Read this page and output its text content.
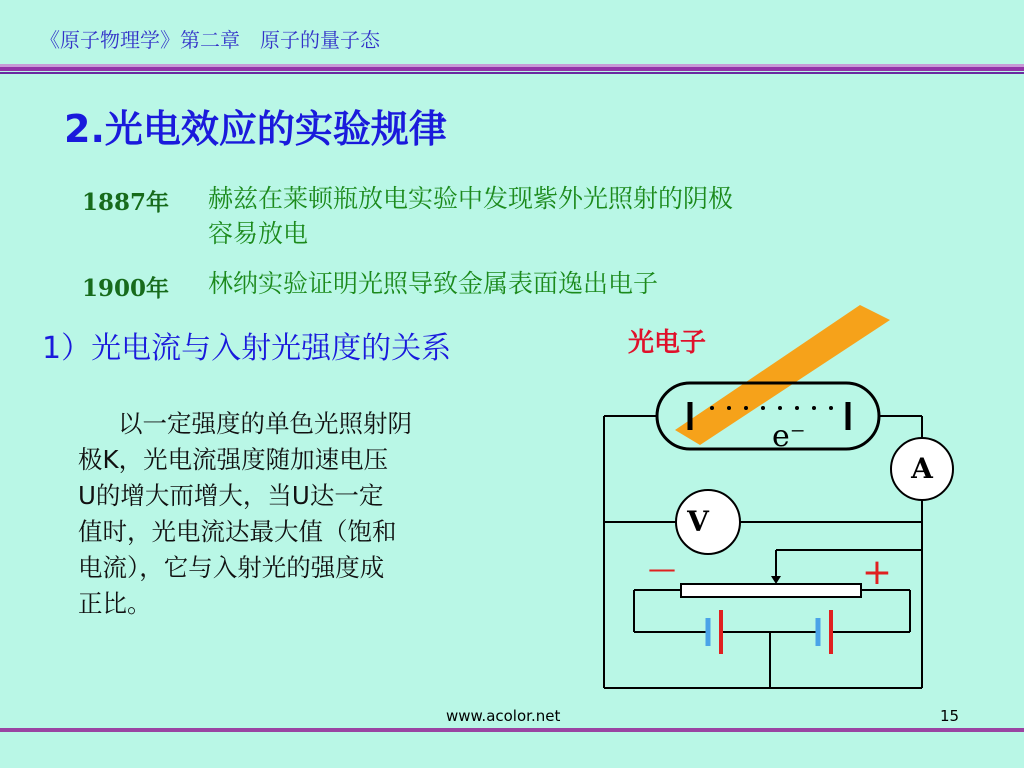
《原子物理学》第二章　原子的量子态
2.光电效应的实验规律
1887年 赫兹在莱顿瓶放电实验中发现紫外光照射的阴极
容易放电
1900年 林纳实验证明光照导致金属表面逸出电子
1）光电流与入射光强度的关系
以一定强度的单色光照射阴
极K，光电流强度随加速电压
U的增大而增大，当U达一定
值时，光电流达最大值（饱和
电流），它与入射光的强度成
正比。
光电子
e⁻
A
V
—	+
www.acolor.net	15
